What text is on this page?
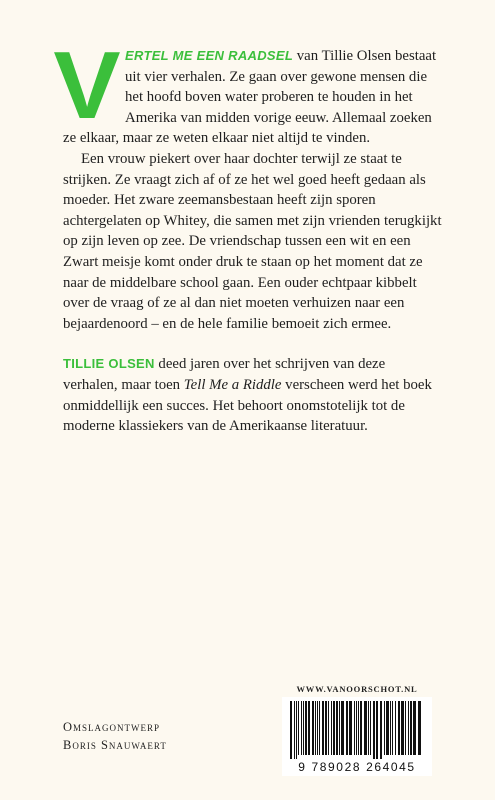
V ERTEL ME EEN RAADSEL van Tillie Olsen bestaat uit vier verhalen. Ze gaan over gewone mensen die het hoofd boven water proberen te houden in het Amerika van midden vorige eeuw. Allemaal zoeken ze elkaar, maar ze weten elkaar niet altijd te vinden.

Een vrouw piekert over haar dochter terwijl ze staat te strijken. Ze vraagt zich af of ze het wel goed heeft gedaan als moeder. Het zware zeemansbestaan heeft zijn sporen achtergelaten op Whitey, die samen met zijn vrienden terugkijkt op zijn leven op zee. De vriendschap tussen een wit en een Zwart meisje komt onder druk te staan op het moment dat ze naar de middelbare school gaan. Een ouder echtpaar kibbelt over de vraag of ze al dan niet moeten verhuizen naar een bejaardenoord – en de hele familie bemoeit zich ermee.

TILLIE OLSEN deed jaren over het schrijven van deze verhalen, maar toen Tell Me a Riddle verscheen werd het boek onmiddellijk een succes. Het behoort onomstotelijk tot de moderne klassiekers van de Amerikaanse literatuur.

Omslagontwerp
Boris Snauwaert
WWW.VANOORSCHOT.NL
9 789028 264045
